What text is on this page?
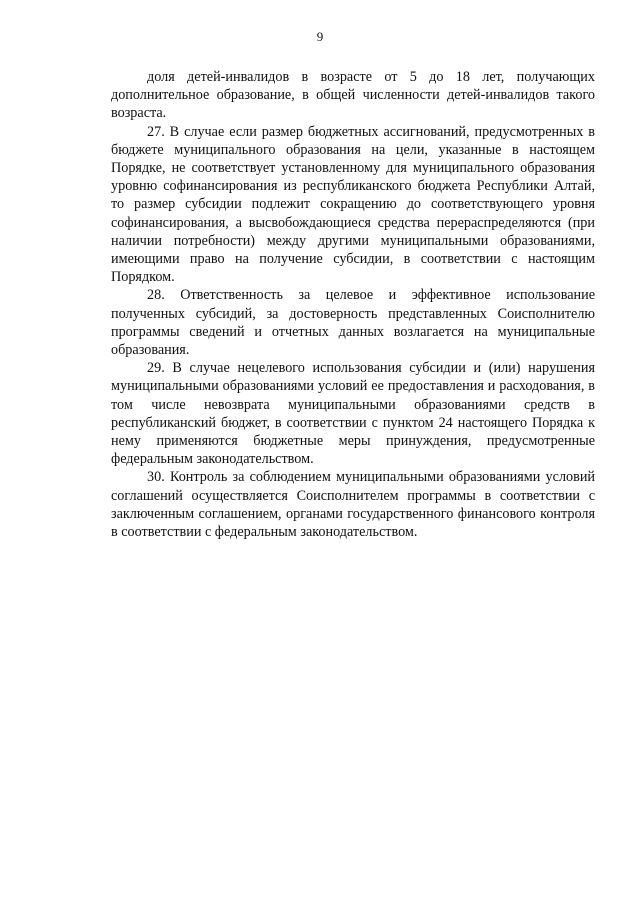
9

доля детей-инвалидов в возрасте от 5 до 18 лет, получающих дополнительное образование, в общей численности детей-инвалидов такого возраста.

27. В случае если размер бюджетных ассигнований, предусмотренных в бюджете муниципального образования на цели, указанные в настоящем Порядке, не соответствует установленному для муниципального образования уровню софинансирования из республиканского бюджета Республики Алтай, то размер субсидии подлежит сокращению до соответствующего уровня софинансирования, а высвобождающиеся средства перераспределяются (при наличии потребности) между другими муниципальными образованиями, имеющими право на получение субсидии, в соответствии с настоящим Порядком.

28. Ответственность за целевое и эффективное использование полученных субсидий, за достоверность представленных Соисполнителю программы сведений и отчетных данных возлагается на муниципальные образования.

29. В случае нецелевого использования субсидии и (или) нарушения муниципальными образованиями условий ее предоставления и расходования, в том числе невозврата муниципальными образованиями средств в республиканский бюджет, в соответствии с пунктом 24 настоящего Порядка к нему применяются бюджетные меры принуждения, предусмотренные федеральным законодательством.

30. Контроль за соблюдением муниципальными образованиями условий соглашений осуществляется Соисполнителем программы в соответствии с заключенным соглашением, органами государственного финансового контроля в соответствии с федеральным законодательством.
